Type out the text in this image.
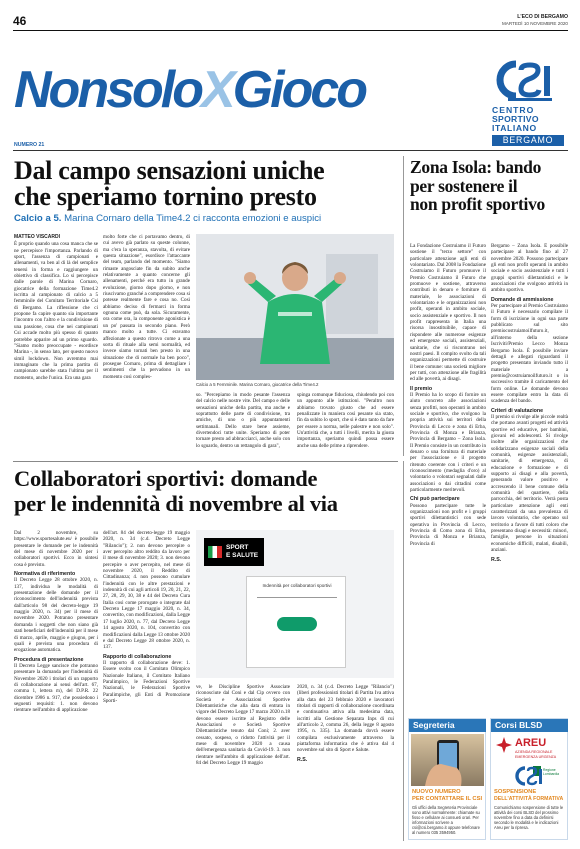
46	L'ECO DI BERGAMO
MARTEDÌ 10 NOVEMBRE 2020
NonsoloXGioco	CENTRO
SPORTIVO
ITALIANO
BERGAMO
NUMERO 21
Dal campo sensazioni uniche
che speriamo tornino presto
Calcio a 5. Marina Cornaro della Time4.2 ci racconta emozioni e auspici
MATTEO VISCARDI

È proprio quando una cosa manca che se ne percepisce l'importanza. Parlando di sport, l'assenza di campionati e allenamenti, va ben al di là del semplice tenersi in forma e raggiungere un obiettivo di classifica. Lo si percepisce dalle parole di Marina Cornaro, giocatrice della formazione Time4.2 iscritta al campionato di calcio a 5 femminile del Comitato Territoriale Csi di Bergamo. La riflessione che ci propone fa capire quanto sia importante l'incontro con l'altro e la condivisione di una passione, cosa che nei campionati Csi accade molto più spesso di quanto potrebbe apparire ad un primo sguardo. "Siamo molto preoccupate - esordisce Marina -, in senso lato, per questo nuovo simil lockdown. Non avremmo mai immaginato che la prima partita di campionato sarebbe stata l'ultima per il momento, anche l'unica. Era una gara

molto forte che ci portavamo dentro, di cui avevo già parlato su queste colonne, ma c'era la speranza, stavolta, di evitare questa situazione", esordisce l'attaccante del team, parlando del momento. "Siamo rimaste angosciate fin da subito anche relativamente a quanto concerne gli allenamenti, perché era tutto in grande evoluzione, giorno dopo giorno, e non riuscivamo granché a comprendere cosa si potesse realmente fare e cosa no. Così abbiamo deciso di fermarci in forma ognuna come può, da sola. Sicuramente, ora come ora, la componente agonistica è un po' passata in secondo piano. Però manco molto a tutte. Ci eravamo affezionate a questo ritrovo come a una sorta di rituale alla semi normalità, ed invece siamo tornati ben presto in una situazione che di normale ha ben poco", prosegue Cornaro, prima di dettagliare i sentimenti che la pervadono in un momento così comples-

Calcio a 5 Femminile. Marina Cornaro, giocatrice della Time4.2

so. "Percepiamo in modo pesante l'assenza del calcio nelle nostre vite. Del campo e delle sensazioni uniche della partita, ma anche e soprattutto delle parte di condivisione, tra amiche, di uno o più appuntamenti settimanali. Dello stare bene assieme, divertendoci tutte unite. Speriamo di poter tornare presto ad abbracciarci, anche solo con lo sguardo, dentro un rettangolo di gara",

spinga comunque fiduciosa, chiudendo poi con un appunto alle istituzioni. "Peraltro non abbiamo trovato giusto che ad essere penalizzate in maniera così pesante sia stato, fin da subito lo sport, che si è dato tanto da fare per essere a norma, nelle palestre e non solo". Un'attività che, a tutti i livelli, merita la giusta importanza, speriamo quindi possa essere anche una delle prime a riprendere.

Zona Isola: bando
per sostenere il
non profit sportivo

La Fondazione Costruiamo il Futuro sostiene il "terzo settore" con particolare attenzione agli enti di volontariato. Dal 2008 la Fondazione Costruiamo il Futuro promuove il Premio Costruiamo il Futuro che promuove e sostiene, attraverso contributi in denaro e forniture di materiale, le associazioni di volontariato e le organizzazioni non profit, operanti in ambito sociale, socio assistenziale e sportivo. Il non profit rappresenta in Italia una risorsa insostituibile, capace di rispondere alle numerose esigenze ed emergenze sociali, assistenziali, sanitarie, che si riscontrano nei nostri paesi. Il compito svolto da tali organizzazioni permette di costruire il bene comune: una società migliore per tutti, con attenzione alle fragilità ed alle povertà, ai disagi.

Il premio

Il Premio ha lo scopo di fornire un aiuto concreto alle associazioni senza profitti, non operanti in ambito sociale e sportivo, che svolgono la propria attività sui territori della Provincia di Lecco e zona di Erba, Provincia di Monza e Brianza, Provincia di Bergamo – Zona Isola. Il Premio consiste in un contributo in denaro o una fornitura di materiale per l'associazione e il progetto ritenuto coerente con i criteri e un riconoscimento (medaglia d'oro) al volontario o volontari segnalati dalle associazioni o dai cittadini come particolarmente meritevoli.

Chi può partecipare

Possono partecipare tutte le organizzazioni non profit e i gruppi sportivi dilettantistici con sede operativa in Provincia di Lecco, Provincia di Como zona di Erba, Provincia di Monza e Brianza, Provincia di

Bergamo – Zona Isola. È possibile partecipare al bando fino al 27 novembre 2020. Possono partecipare gli enti non profit operanti in ambito sociale e socio assistenziale e tutti i gruppi sportivi dilettantistici e le associazioni che svolgono attività in ambito sportivo.

Domande di ammissione

Per partecipare al Premio Costruiamo il Futuro è necessario compilare il form di iscrizione in ogni sua parte pubblicato sul sito premiocostruiamoilfuturo.it, all'interno della sezione Iscriviti/Premio Lecco Monza Bergamo Isola. È possibile inviare dettagli e allegati riguardanti il progetto presentato inviando tutto il materiale a premio@costruiamoilfuturo.it o in successivo tramite il caricamento del form online. Le domande devono essere compilate entro la data di scadenza del bando.

Criteri di valutazione

Il premio si rivolge alle piccole realtà che portano avanti progetti ed attività sportive ed educative, per bambini, giovani ed adolescenti. Si rivolge inoltre alle organizzazioni che solidarizzano esigenze sociali della comunità, esigenze assistenziali, sanitarie, di emergenza, di educazione e formazione e di supporto ai disagi e alla povertà, generando valore positivo e accrescendo il bene comune della comunità del quartiere, della parrocchia, del territorio. Verrà posta particolare attenzione agli enti caratterizzati da una prevalenza di lavoro volontario, che operano sul territorio a favore di tutti coloro che presentano disagi e necessità: minori, famiglie, persone in situazioni economiche difficili, malati, disabili, anziani.

R.S.

Collaboratori sportivi: domande
per le indennità di novembre al via

Dal 2 novembre, su https://www.sportesalute.eu/ è possibile presentare le domande per le indennità del mese di novembre 2020 per i collaboratori sportivi. Ecco in sintesi cosa è previsto.

Normativa di riferimento

Il Decreto Legge 28 ottobre 2020, n. 137, individua le modalità di presentazione delle domande per il riconoscimento dell'indennità prevista dall'articolo 98 del decreto-legge 19 maggio 2020, n. 34) per il mese di novembre 2020. Potranno presentare domanda i soggetti che non siano già stati beneficiari dell'indennità per il mese di marzo, aprile, maggio e giugno, per i quali è prevista una procedura di erogazione automatica.

Procedura di presentazione

Il Decreto Legge sancisce che potranno presentare la domanda per l'indennità di Novembre 2020 i titolari di un rapporto di collaborazione ai sensi dell'art. 67, comma 1, lettera m), del D.P.R. 22 dicembre 1986 n. 917, che possiedono i seguenti requisiti: 1. non devono rientrare nell'ambito di applicazione

dell'art. 84 del decreto-legge 19 maggio 2020, n. 34 (c.d. Decreto Legge "Rilancio"); 2. non devono percepire o aver percepito altro reddito da lavoro per il mese di novembre 2020; 3. non devono percepire o aver percepito, nel mese di novembre 2020, il Reddito di Cittadinanza; 4. non possono cumulare l'indennità con le altre prestazioni e indennità di cui agli articoli 19, 20, 21, 22, 27, 28, 29, 30, 38 e 44 del Decreto Cura Italia così come prorogate o integrate dal Decreto Legge 17 maggio 2020, n. 34, convertito, con modificazioni, dalla Legge 17 luglio 2020, n. 77, dal Decreto Legge 14 agosto 2020, n. 104, convertito con modificazioni dalla Legge 13 ottobre 2020 e dal Decreto Legge 28 ottobre 2020, n. 137.

Rapporto di collaborazione

Il rapporto di collaborazione deve: 1. Essere svolto con il Comitato Olimpico Nazionale Italiano, il Comitato Italiano Paralimpico, le Federazioni Sportive Nazionali, le Federazioni Sportive Paralimpiche, gli Enti di Promozione Sporti-

SPORT
E SALUTE
Indennità per collaboratori sportivi

ve, le Discipline Sportive Associate riconosciute dal Coni e dal Cip ovvero con Società e Associazioni Sportive Dilettantistiche che alla data di entrata in vigore del Decreto Legge 17 marzo 2020 n.18 devono essere iscritte al Registro delle Associazioni e Società Sportive Dilettantistiche tenuto dal Coni; 2. aver cessato, sospeso, o ridotto l'attività per il mese di novembre 2020 a causa dell'emergenza sanitaria da Covid-19. 3. non rientrare nell'ambito di applicazione dell'art. 84 del Decreto Legge 19 maggio

2020, n. 34 (c.d. Decreto Legge "Rilancio") (liberi professionisti titolari di Partita Iva attiva alla data del 23 febbraio 2020 e lavoratori titolari di rapporti di collaborazione coordinata e continuativa attiva alla medesima data, iscritti alla Gestione Separata Inps di cui all'articolo 2, comma 26, della legge 8 agosto 1995, n. 335). La domanda dovrà essere compilata esclusivamente attraverso la piattaforma informatica che è attiva dal 4 novembre sul sito di Sport e Salute.

R.S.

Segreteria
NUOVO NUMERO
PER CONTATTARE IL CSI
Gli uffici della Segreteria Provinciale sono attivi normalmente: chiamate su fisso e cellulare ai consueti orari. Per informazioni scrivere a csi@csi.bergamo.it oppure telefonare al numero 035 3594950.
Corsi BLSD
AREU
AZIENDA REGIONALE
EMERGENZA URGENZA
Regione Lombardia
SOSPENSIONE
DELL'ATTIVITÀ FORMATIVA
Comunichiamo sospensione di tutte le attività dei corsi BLSD del prossimo novembre fino a data da definirsi secondo le modalità e le indicazioni Areu per la ripresa.
